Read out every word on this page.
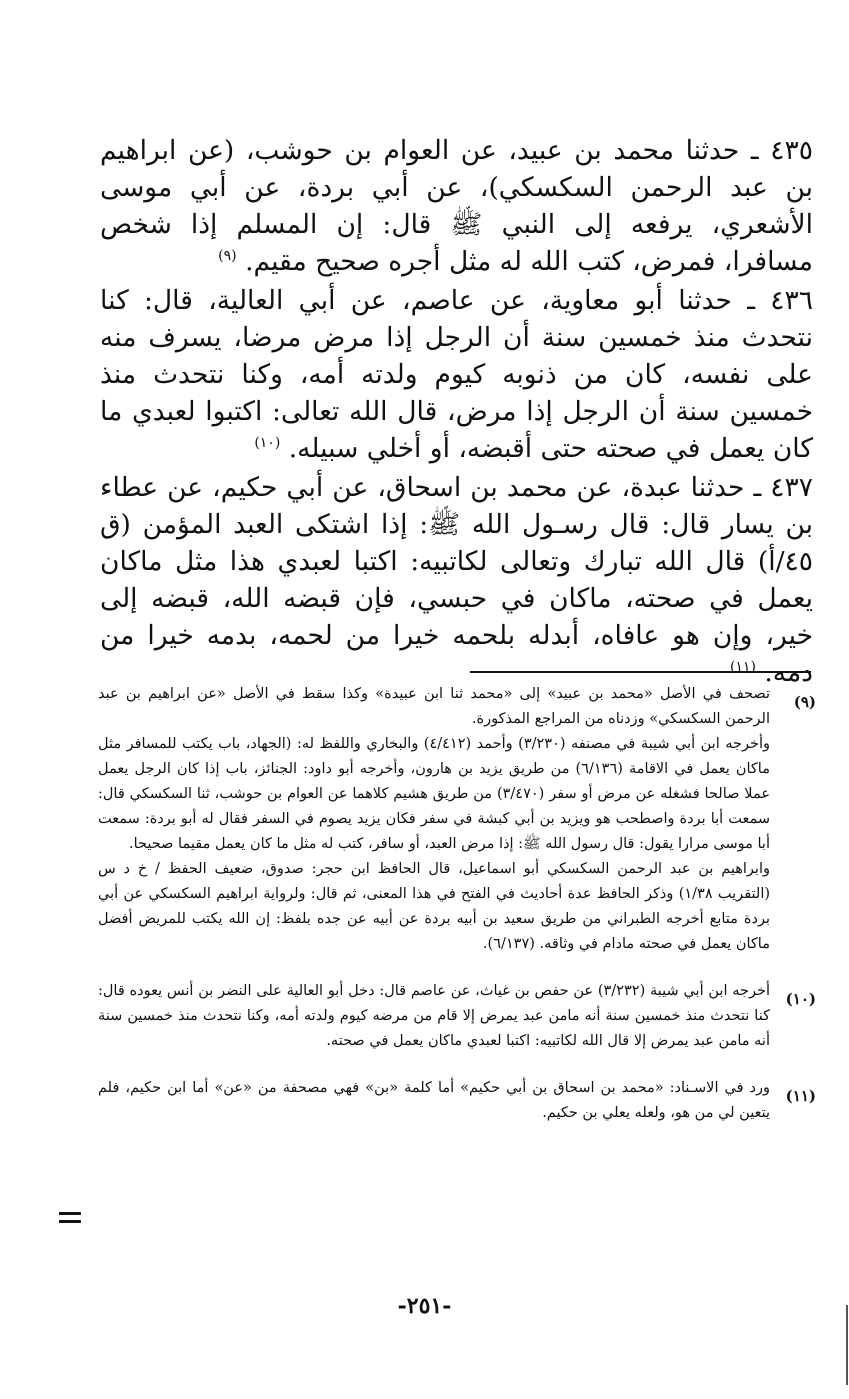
٤٣٥ ـ حدثنا محمد بن عبيد، عن العوام بن حوشب، (عن ابراهيم بن عبد الرحمن السكسكي)، عن أبي بردة، عن أبي موسى الأشعري، يرفعه إلى النبي ﷺ قال: إن المسلم إذا شخص مسافرا، فمرض، كتب الله له مثل أجره صحيح مقيم. $^{(٩)}$

٤٣٦ ـ حدثنا أبو معاوية، عن عاصم، عن أبي العالية، قال: كنا نتحدث منذ خمسين سنة أن الرجل إذا مرض مرضا، يسرف منه على نفسه، كان من ذنوبه كيوم ولدته أمه، وكنا نتحدث منذ خمسين سنة أن الرجل إذا مرض، قال الله تعالى: اكتبوا لعبدي ما كان يعمل في صحته حتى أقبضه، أو أخلي سبيله. $^{(١٠)}$

٤٣٧ ـ حدثنا عبدة، عن محمد بن اسحاق، عن أبي حكيم، عن عطاء بن يسار قال: قال رسـول الله ﷺ: إذا اشتكى العبد المؤمن (ق ٤٥/أ) قال الله تبارك وتعالى لكاتبيه: اكتبا لعبدي هذا مثل ماكان يعمل في صحته، ماكان في حبسي، فإن قبضه الله، قبضه إلى خير، وإن هو عافاه، أبدله بلحمه خيرا من لحمه، بدمه خيرا من دمه. $^{(١١)}$

(٩)
تصحف في الأصل «محمد بن عبيد» إلى «محمد ثنا ابن عبيدة» وكذا سقط في الأصل «عن ابراهيم بن عبد الرحمن السكسكي» وزدناه من المراجع المذكورة.
وأخرجه ابن أبي شيبة في مصنفه (٣/٢٣٠) وأحمد (٤/٤١٢) والبخاري واللفظ له: (الجهاد، باب يكتب للمسافر مثل ماكان يعمل في الاقامة (٦/١٣٦) من طريق يزيد بن هارون، وأخرجه أبو داود: الجنائز، باب إذا كان الرجل يعمل عملا صالحا فشغله عن مرض أو سفر (٣/٤٧٠) من طريق هشيم كلاهما عن العوام بن حوشب، ثنا السكسكي قال: سمعت أبا بردة واصطحب هو ويزيد بن أبي كبشة في سفر فكان يزيد يصوم في السفر فقال له أبو بردة: سمعت أبا موسى مرارا يقول: قال رسول الله ﷺ: إذا مرض العبد، أو سافر، كتب له مثل ما كان يعمل مقيما صحيحا.
وابراهيم بن عبد الرحمن السكسكي أبو اسماعيل، قال الحافظ ابن حجر: صدوق، ضعيف الحفظ / خ د س (التقريب ١/٣٨) وذكر الحافظ عدة أحاديث في الفتح في هذا المعنى، ثم قال: ولرواية ابراهيم السكسكي عن أبي بردة متابع أخرجه الطبراني من طريق سعيد بن أبيه بردة عن أبيه عن جده بلفظ: إن الله يكتب للمريض أفضل ماكان يعمل في صحته مادام في وثاقه. (٦/١٣٧).
(١٠)
أخرجه ابن أبي شيبة (٣/٢٣٢) عن حفص بن غياث، عن عاصم قال: دخل أبو العالية على النضر بن أنس يعوده قال: كنا نتحدث منذ خمسين سنة أنه مامن عبد يمرض إلا قام من مرضه كيوم ولدته أمه، وكنا نتحدث منذ خمسين سنة أنه مامن عبد يمرض إلا قال الله لكاتبيه: اكتبا لعبدي ماكان يعمل في صحته.
(١١)
ورد في الاسـناد: «محمد بن اسحاق بن أبي حكيم» أما كلمة «بن» فهي مصحفة من «عن» أما ابن حكيم، فلم يتعين لي من هو، ولعله يعلي بن حكيم.
-٢٥١-
